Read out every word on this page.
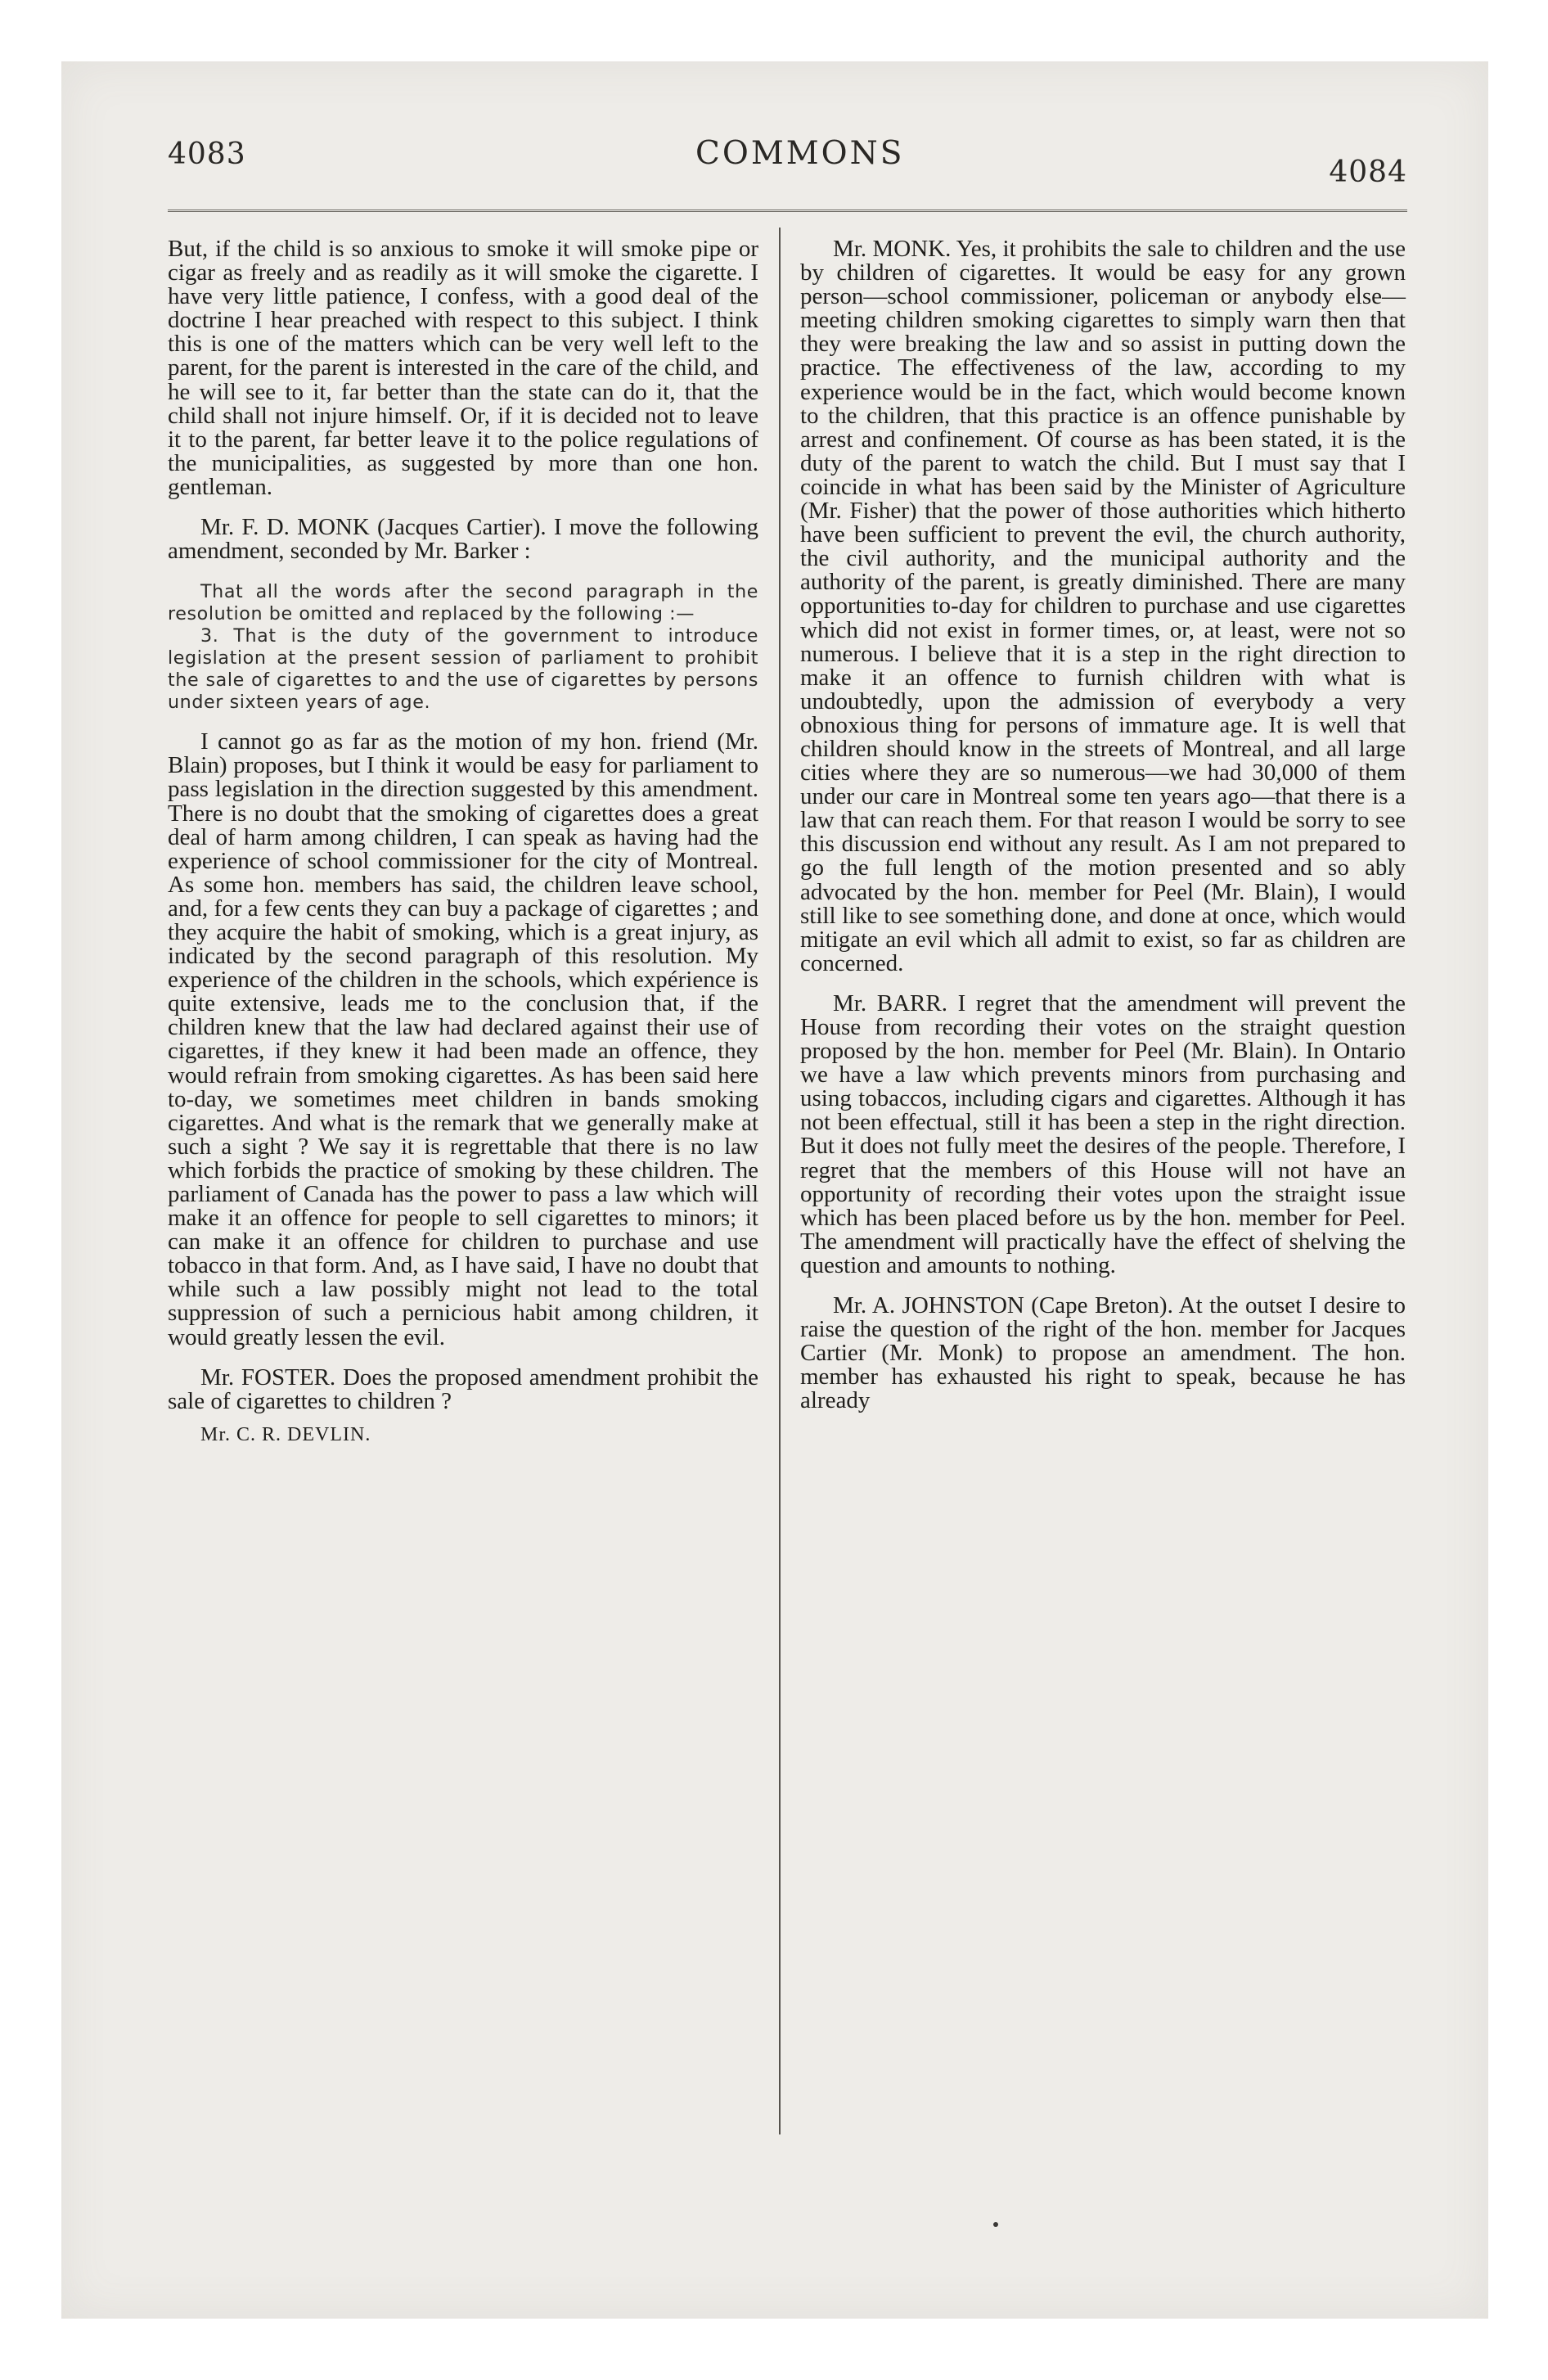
4083	COMMONS
4084

But, if the child is so anxious to smoke it will smoke pipe or cigar as freely and as readily as it will smoke the cigarette. I have very little patience, I confess, with a good deal of the doctrine I hear preached with respect to this subject. I think this is one of the matters which can be very well left to the parent, for the parent is interested in the care of the child, and he will see to it, far better than the state can do it, that the child shall not injure himself. Or, if it is decided not to leave it to the parent, far better leave it to the police regulations of the municipalities, as suggested by more than one hon. gentleman.

Mr. F. D. MONK (Jacques Cartier). I move the following amendment, seconded by Mr. Barker :

That all the words after the second paragraph in the resolution be omitted and replaced by the following :—

3. That is the duty of the government to introduce legislation at the present session of parliament to prohibit the sale of cigarettes to and the use of cigarettes by persons under sixteen years of age.

I cannot go as far as the motion of my hon. friend (Mr. Blain) proposes, but I think it would be easy for parliament to pass legislation in the direction suggested by this amendment. There is no doubt that the smoking of cigarettes does a great deal of harm among children, I can speak as having had the experience of school commissioner for the city of Montreal. As some hon. members has said, the children leave school, and, for a few cents they can buy a package of cigarettes ; and they acquire the habit of smoking, which is a great injury, as indicated by the second paragraph of this resolution. My experience of the children in the schools, which expérience is quite extensive, leads me to the conclusion that, if the children knew that the law had declared against their use of cigarettes, if they knew it had been made an offence, they would refrain from smoking cigarettes. As has been said here to-day, we sometimes meet children in bands smoking cigarettes. And what is the remark that we generally make at such a sight ? We say it is regrettable that there is no law which forbids the practice of smoking by these children. The parliament of Canada has the power to pass a law which will make it an offence for people to sell cigarettes to minors; it can make it an offence for children to purchase and use tobacco in that form. And, as I have said, I have no doubt that while such a law possibly might not lead to the total suppression of such a pernicious habit among children, it would greatly lessen the evil.

Mr. FOSTER. Does the proposed amendment prohibit the sale of cigarettes to children ?

Mr. C. R. DEVLIN.

Mr. MONK. Yes, it prohibits the sale to children and the use by children of cigarettes. It would be easy for any grown person—school commissioner, policeman or anybody else—meeting children smoking cigarettes to simply warn then that they were breaking the law and so assist in putting down the practice. The effectiveness of the law, according to my experience would be in the fact, which would become known to the children, that this practice is an offence punishable by arrest and confinement. Of course as has been stated, it is the duty of the parent to watch the child. But I must say that I coincide in what has been said by the Minister of Agriculture (Mr. Fisher) that the power of those authorities which hitherto have been sufficient to prevent the evil, the church authority, the civil authority, and the municipal authority and the authority of the parent, is greatly diminished. There are many opportunities to-day for children to purchase and use cigarettes which did not exist in former times, or, at least, were not so numerous. I believe that it is a step in the right direction to make it an offence to furnish children with what is undoubtedly, upon the admission of everybody a very obnoxious thing for persons of immature age. It is well that children should know in the streets of Montreal, and all large cities where they are so numerous—we had 30,000 of them under our care in Montreal some ten years ago—that there is a law that can reach them. For that reason I would be sorry to see this discussion end without any result. As I am not prepared to go the full length of the motion presented and so ably advocated by the hon. member for Peel (Mr. Blain), I would still like to see something done, and done at once, which would mitigate an evil which all admit to exist, so far as children are concerned.

Mr. BARR. I regret that the amendment will prevent the House from recording their votes on the straight question proposed by the hon. member for Peel (Mr. Blain). In Ontario we have a law which prevents minors from purchasing and using tobaccos, including cigars and cigarettes. Although it has not been effectual, still it has been a step in the right direction. But it does not fully meet the desires of the people. Therefore, I regret that the members of this House will not have an opportunity of recording their votes upon the straight issue which has been placed before us by the hon. member for Peel. The amendment will practically have the effect of shelving the question and amounts to nothing.

Mr. A. JOHNSTON (Cape Breton). At the outset I desire to raise the question of the right of the hon. member for Jacques Cartier (Mr. Monk) to propose an amendment. The hon. member has exhausted his right to speak, because he has already
